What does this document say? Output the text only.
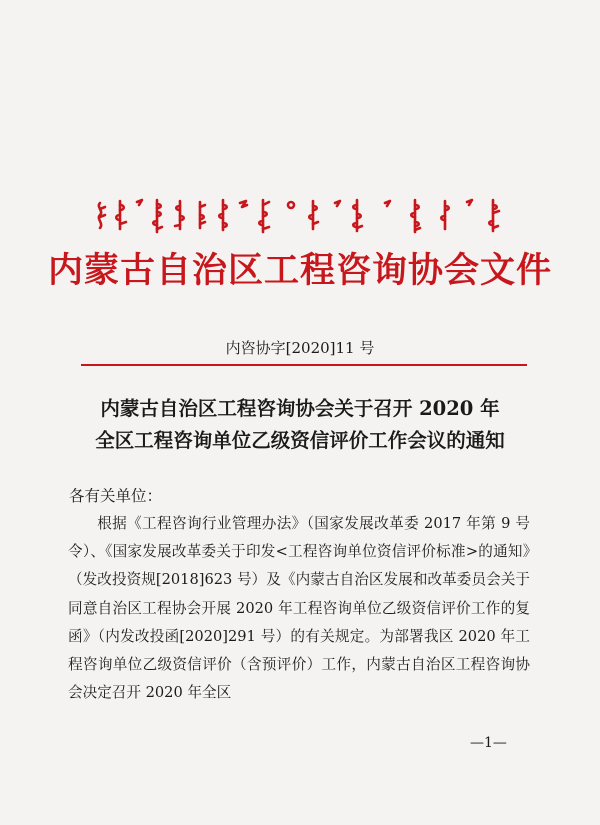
内蒙古自治区工程咨询协会文件
内咨协字[2020]11 号
内蒙古自治区工程咨询协会关于召开 2020 年
全区工程咨询单位乙级资信评价工作会议的通知
各有关单位：

根据《工程咨询行业管理办法》（国家发展改革委 2017 年第 9 号令）、《国家发展改革委关于印发<工程咨询单位资信评价标准>的通知》（发改投资规[2018]623 号）及《内蒙古自治区发展和改革委员会关于同意自治区工程协会开展 2020 年工程咨询单位乙级资信评价工作的复函》（内发改投函[2020]291 号）的有关规定。为部署我区 2020 年工程咨询单位乙级资信评价（含预评价）工作，内蒙古自治区工程咨询协会决定召开 2020 年全区

—1—
